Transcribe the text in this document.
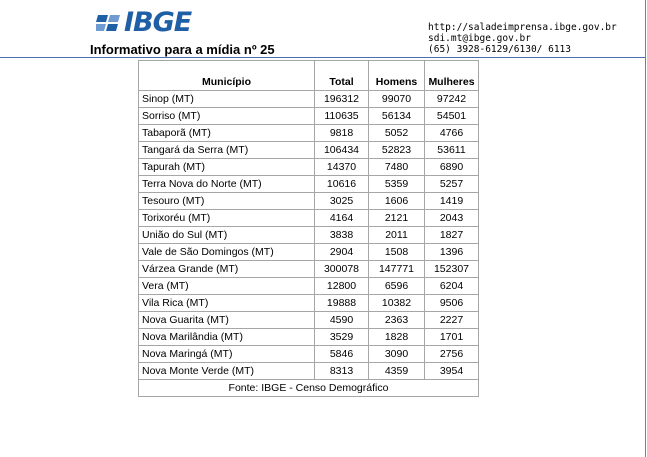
IBGE
Informativo para a mídia nº 25
http://saladeimprensa.ibge.gov.br
sdi.mt@ibge.gov.br
(65) 3928-6129/6130/ 6113
Município	Total	Homens	Mulheres
Sinop (MT)	196312	99070	97242
Sorriso (MT)	110635	56134	54501
Tabaporã (MT)	9818	5052	4766
Tangará da Serra (MT)	106434	52823	53611
Tapurah (MT)	14370	7480	6890
Terra Nova do Norte (MT)	10616	5359	5257
Tesouro (MT)	3025	1606	1419
Torixoréu (MT)	4164	2121	2043
União do Sul (MT)	3838	2011	1827
Vale de São Domingos (MT)	2904	1508	1396
Várzea Grande (MT)	300078	147771	152307
Vera (MT)	12800	6596	6204
Vila Rica (MT)	19888	10382	9506
Nova Guarita (MT)	4590	2363	2227
Nova Marilândia (MT)	3529	1828	1701
Nova Maringá (MT)	5846	3090	2756
Nova Monte Verde (MT)	8313	4359	3954
Fonte: IBGE - Censo Demográfico			
